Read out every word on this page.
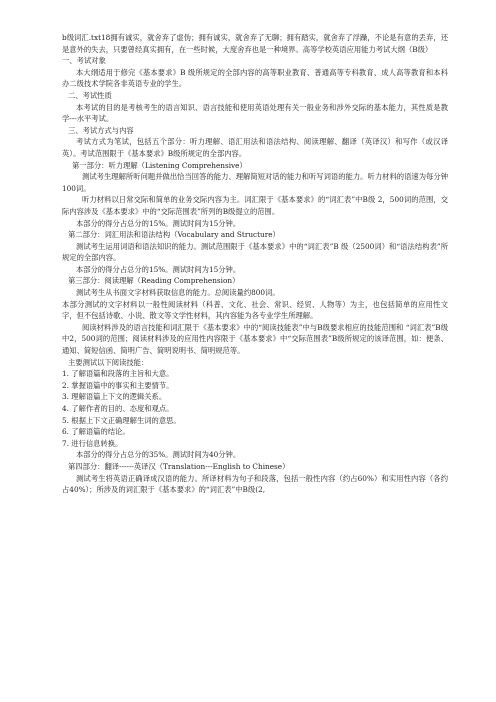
b级词汇.txt18拥有诚实，就舍弃了虚伪；拥有诚实，就舍弃了无聊；拥有踏实，就舍弃了浮躁，不论是有意的丢弃，还是意外的失去，只要曾经真实拥有，在一些时候，大度舍弃也是一种境界。高等学校英语应用能力考试大纲（B级）

一、考试对象

本大纲适用于修完《基本要求》B 级所规定的全部内容的高等职业教育、普通高等专科教育、成人高等教育和本科办二级技术学院各非英语专业的学生。

二、考试性质

本考试的目的是考核考生的语言知识、语言技能和使用英语处理有关一般业务和涉外交际的基本能力，其性质是教学---水平考试。

三、考试方式与内容

考试方式为笔试，包括五个部分：听力理解、语汇用法和语法结构、阅读理解、翻译（英译汉）和写作（或汉译英）。考试范围限于《基本要求》B级所规定的全部内容。

第一部分：听力理解（Listening Comprehensive）

测试考生理解所听问题并做出恰当回答的能力、理解简短对话的能力和听写词语的能力。听力材料的语速为每分钟100词。

听力材料以日常交际和简单的业务交际内容为主。词汇限于《基本要求》的“词汇表”中B级 2，500词的范围，交际内容涉及《基本要求》中的“交际范围表”所列的B级提立的范围。

本部分的得分占总分的15%。测试时间为15分钟。

第二部分：词汇用法和语法结构（Vocabulary and Structure）

测试考生运用词语和语法知识的能力。测试范围限于《基本要求》中的“词汇表”B 级（2500词）和“语法结构表”所规定的全部内容。

本部分的得分占总分的15%。测试时间为15分钟。

第三部分：阅读理解（Reading Comprehension）

测试考生从书面文字材料获取信息的能力。总阅读量约800词。

本部分测试的文字材料以一般性阅读材料（科普、文化、社会、常识、经贸、人物等）为主，也包括简单的应用性文字，但不包括诗歌、小说、散文等文学性材料，其内容能为各专业学生所理解。

阅读材料涉及的语言技能和词汇限于《基本要求》中的“阅读技能表”中与B级要求相应的技能范围和 “词汇表”B级中2，500词的范围；阅读材料涉及的应用性内容限于《基本要求》中“交际范围表”B级所规定的该译范围，如：便条、通知、简短信函、简明广告、简明说明书、简明规范等。

主要测试以下阅读技能：

1. 了解语篇和段落的主旨和大意。
2. 掌握语篇中的事实和主要情节。
3. 理解语篇上下文的逻辑关系。
4. 了解作者的目的、态度和观点。
5. 根据上下文正确理解生词的意思。
6. 了解语篇的结论。
7. 进行信息转换。

本部分的得分占总分的35%。测试时间为40分钟。

第四部分：翻译------英译汉（Translation---English to Chinese）

测试考生将英语正确译成汉语的能力。所译材料为句子和段落，包括一般性内容（约占60%）和实用性内容（各约占40%）；所涉及的词汇限于《基本要求》的“词汇表”中B级(2,
